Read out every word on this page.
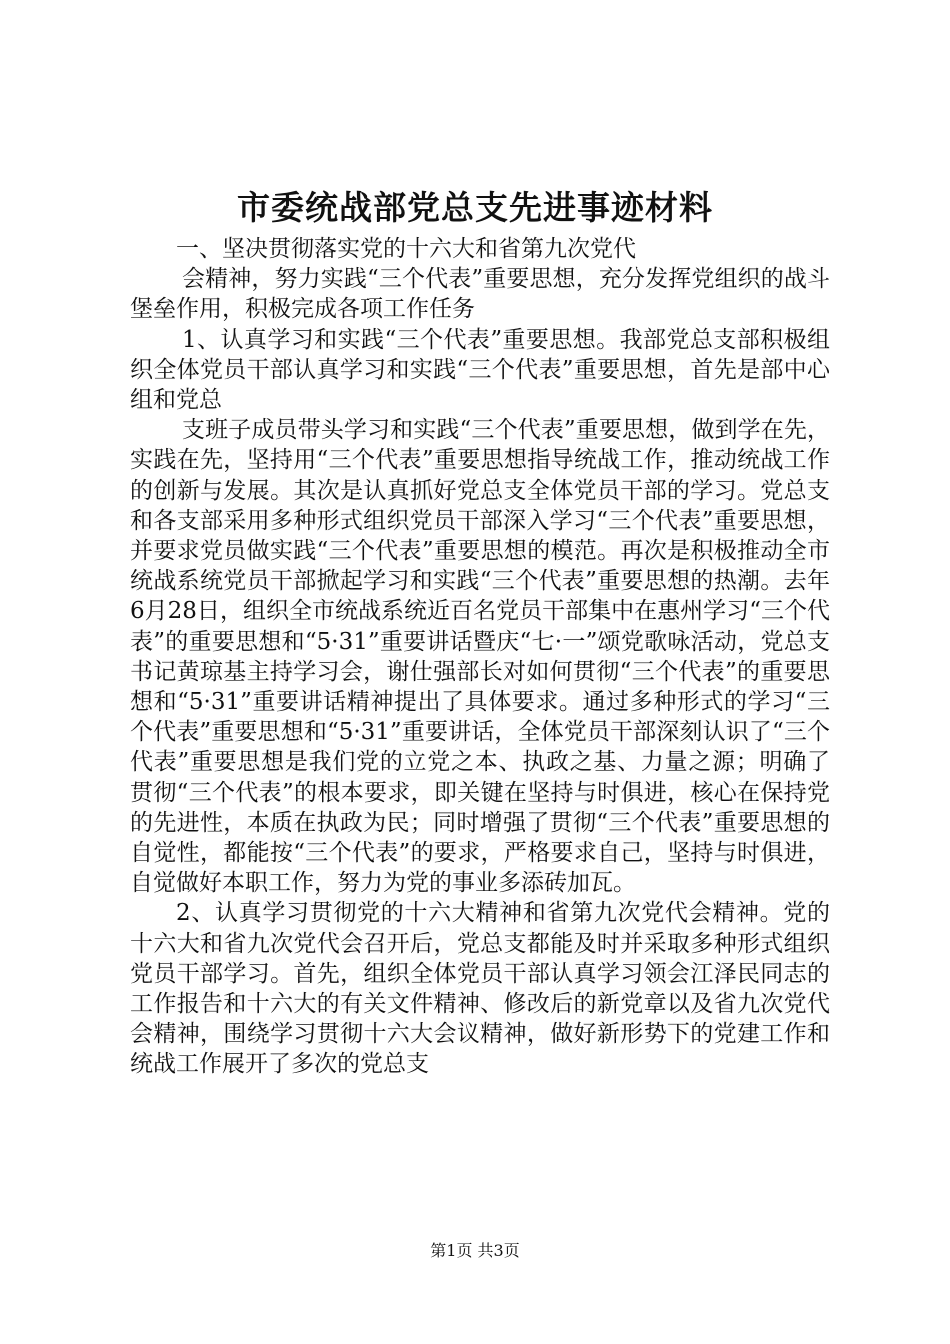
市委统战部党总支先进事迹材料

一、坚决贯彻落实党的十六大和省第九次党代

会精神，努力实践“三个代表”重要思想，充分发挥党组织的战斗堡垒作用，积极完成各项工作任务

1、认真学习和实践“三个代表”重要思想。我部党总支部积极组织全体党员干部认真学习和实践“三个代表”重要思想，首先是部中心组和党总

支班子成员带头学习和实践“三个代表”重要思想，做到学在先，实践在先，坚持用“三个代表”重要思想指导统战工作，推动统战工作的创新与发展。其次是认真抓好党总支全体党员干部的学习。党总支和各支部采用多种形式组织党员干部深入学习“三个代表”重要思想，并要求党员做实践“三个代表”重要思想的模范。再次是积极推动全市统战系统党员干部掀起学习和实践“三个代表”重要思想的热潮。去年6月28日，组织全市统战系统近百名党员干部集中在惠州学习“三个代表”的重要思想和“5·31”重要讲话暨庆“七·一”颂党歌咏活动，党总支书记黄琼基主持学习会，谢仕强部长对如何贯彻“三个代表”的重要思想和“5·31”重要讲话精神提出了具体要求。通过多种形式的学习“三个代表”重要思想和“5·31”重要讲话，全体党员干部深刻认识了“三个代表”重要思想是我们党的立党之本、执政之基、力量之源；明确了贯彻“三个代表”的根本要求，即关键在坚持与时俱进，核心在保持党的先进性，本质在执政为民；同时增强了贯彻“三个代表”重要思想的自觉性，都能按“三个代表”的要求，严格要求自己，坚持与时俱进，自觉做好本职工作，努力为党的事业多添砖加瓦。

2、认真学习贯彻党的十六大精神和省第九次党代会精神。党的十六大和省九次党代会召开后，党总支都能及时并采取多种形式组织党员干部学习。首先，组织全体党员干部认真学习领会江泽民同志的工作报告和十六大的有关文件精神、修改后的新党章以及省九次党代会精神，围绕学习贯彻十六大会议精神，做好新形势下的党建工作和统战工作展开了多次的党总支

第1页 共3页
